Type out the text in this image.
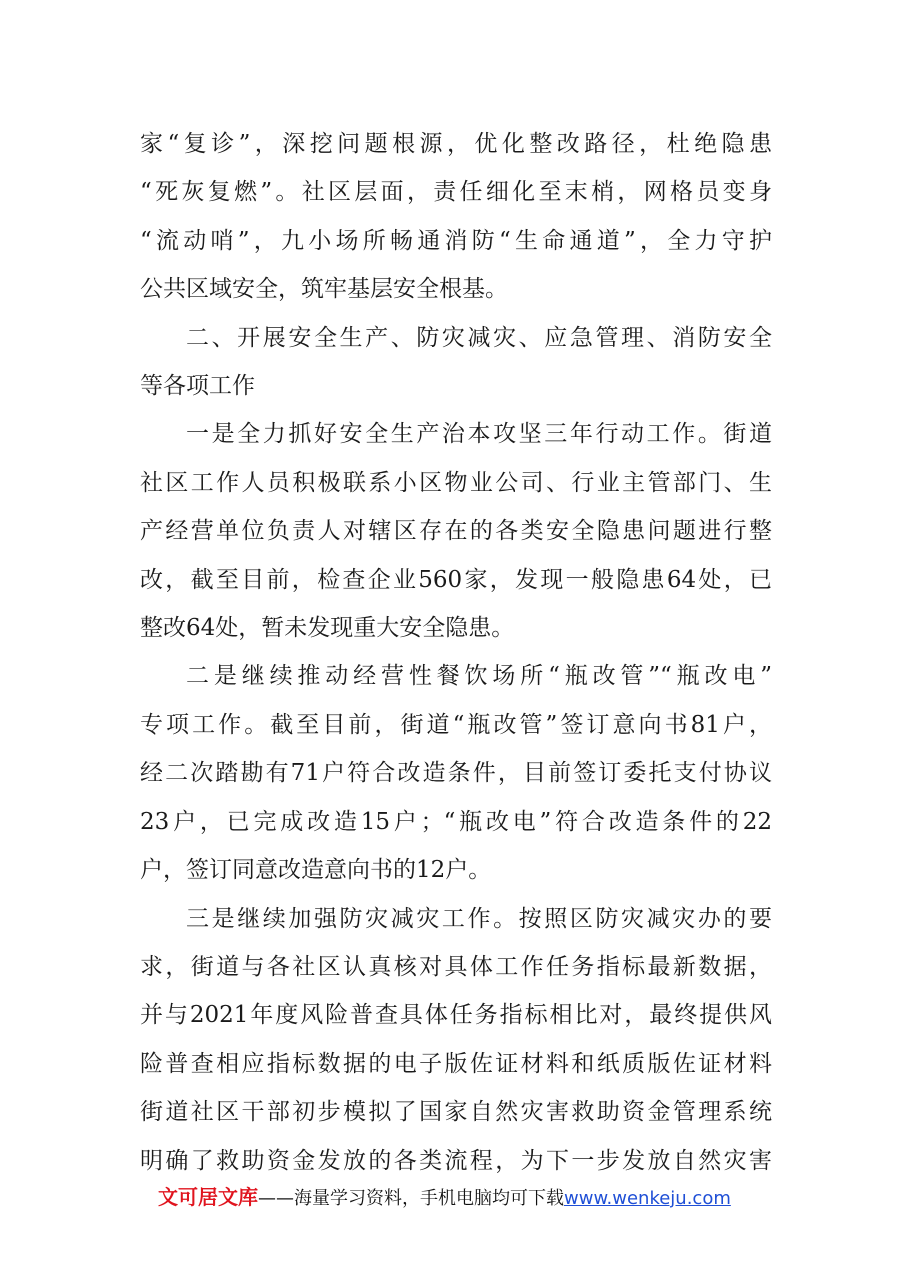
家“复诊”，深挖问题根源，优化整改路径，杜绝隐患
“死灰复燃”。社区层面，责任细化至末梢，网格员变身
“流动哨”，九小场所畅通消防“生命通道”，全力守护
公共区域安全，筑牢基层安全根基。

二、开展安全生产、防灾减灾、应急管理、消防安全
等各项工作

一是全力抓好安全生产治本攻坚三年行动工作。街道
社区工作人员积极联系小区物业公司、行业主管部门、生
产经营单位负责人对辖区存在的各类安全隐患问题进行整
改，截至目前，检查企业560家，发现一般隐患64处，已
整改64处，暂未发现重大安全隐患。

二是继续推动经营性餐饮场所“瓶改管”“瓶改电”
专项工作。截至目前，街道“瓶改管”签订意向书81户，
经二次踏勘有71户符合改造条件，目前签订委托支付协议
23户，已完成改造15户；“瓶改电”符合改造条件的22
户，签订同意改造意向书的12户。

三是继续加强防灾减灾工作。按照区防灾减灾办的要
求，街道与各社区认真核对具体工作任务指标最新数据，
并与2021年度风险普查具体任务指标相比对，最终提供风
险普查相应指标数据的电子版佐证材料和纸质版佐证材料
街道社区干部初步模拟了国家自然灾害救助资金管理系统
明确了救助资金发放的各类流程，为下一步发放自然灾害

文可居文库——海量学习资料，手机电脑均可下载www.wenkeju.com
